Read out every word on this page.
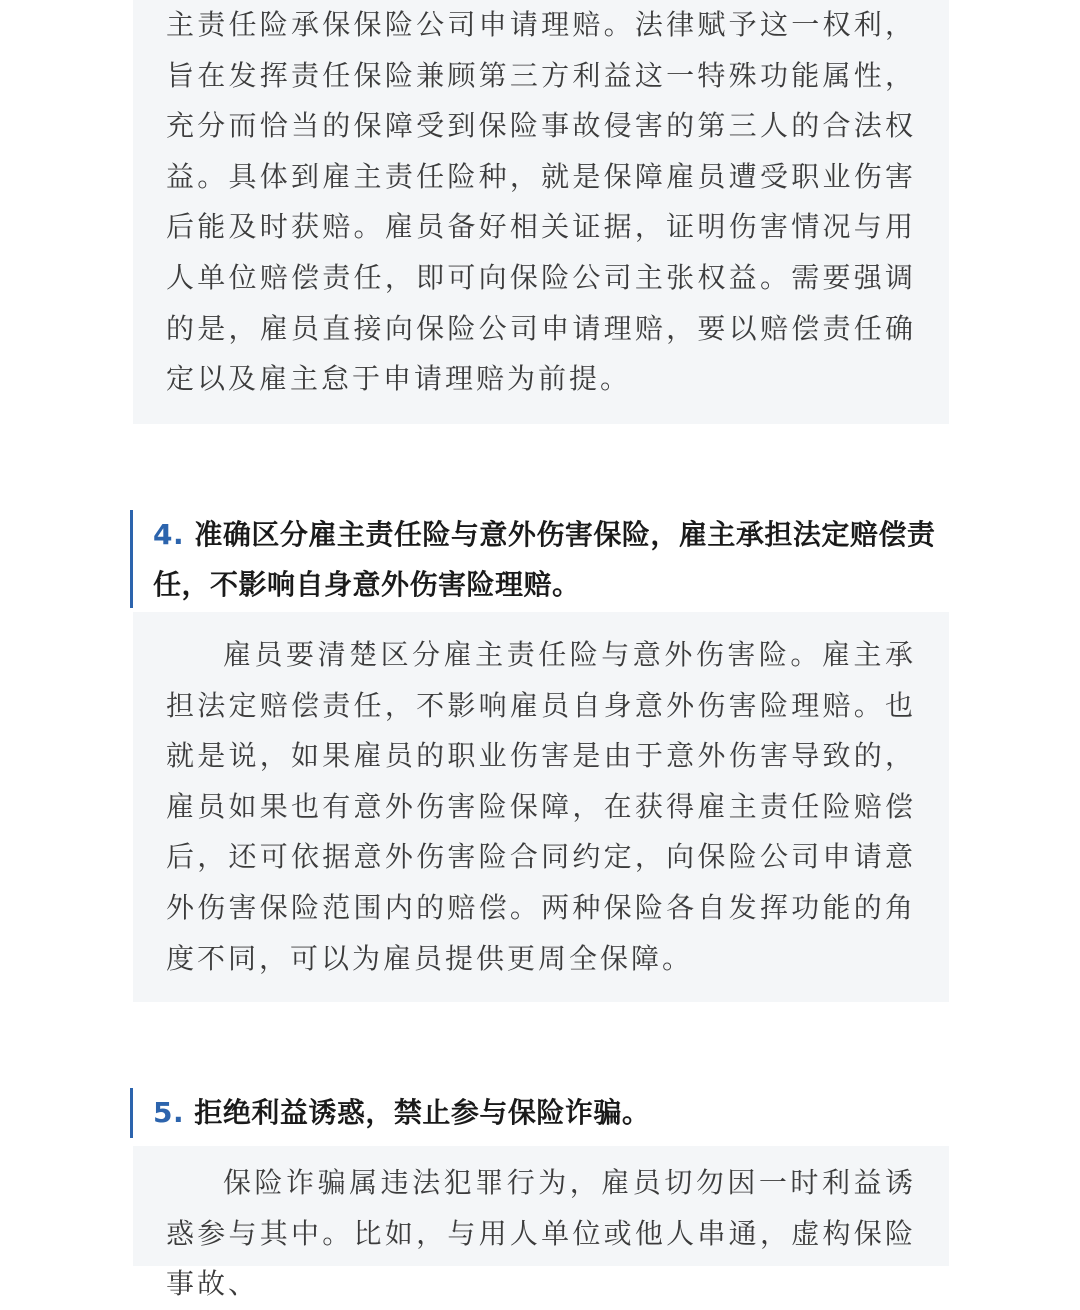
主责任险承保保险公司申请理赔。法律赋予这一权利，旨在发挥责任保险兼顾第三方利益这一特殊功能属性，充分而恰当的保障受到保险事故侵害的第三人的合法权益。具体到雇主责任险种，就是保障雇员遭受职业伤害后能及时获赔。雇员备好相关证据，证明伤害情况与用人单位赔偿责任，即可向保险公司主张权益。需要强调的是，雇员直接向保险公司申请理赔，要以赔偿责任确定以及雇主怠于申请理赔为前提。

4. 准确区分雇主责任险与意外伤害保险，雇主承担法定赔偿责任，不影响自身意外伤害险理赔。

雇员要清楚区分雇主责任险与意外伤害险。雇主承担法定赔偿责任，不影响雇员自身意外伤害险理赔。也就是说，如果雇员的职业伤害是由于意外伤害导致的，雇员如果也有意外伤害险保障，在获得雇主责任险赔偿后，还可依据意外伤害险合同约定，向保险公司申请意外伤害保险范围内的赔偿。两种保险各自发挥功能的角度不同，可以为雇员提供更周全保障。

5. 拒绝利益诱惑，禁止参与保险诈骗。

保险诈骗属违法犯罪行为，雇员切勿因一时利益诱惑参与其中。比如，与用人单位或他人串通，虚构保险事故、
